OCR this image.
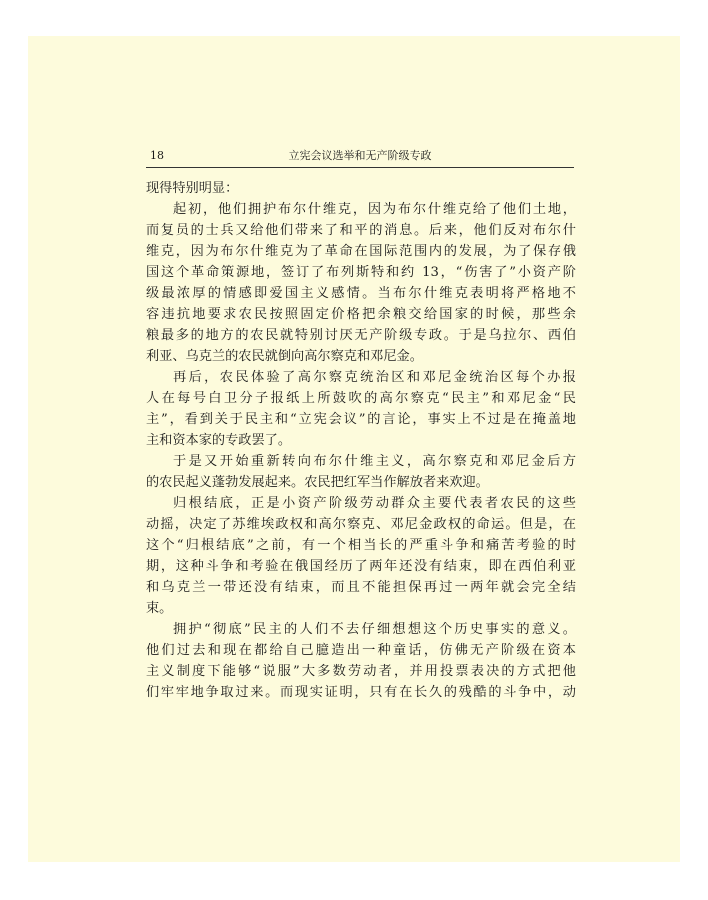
18	立宪会议选举和无产阶级专政

现得特别明显：

起初，他们拥护布尔什维克，因为布尔什维克给了他们土地，
而复员的士兵又给他们带来了和平的消息。后来，他们反对布尔什
维克，因为布尔什维克为了革命在国际范围内的发展，为了保存俄
国这个革命策源地，签订了布列斯特和约 13，“伤害了”小资产阶
级最浓厚的情感即爱国主义感情。当布尔什维克表明将严格地不
容违抗地要求农民按照固定价格把余粮交给国家的时候，那些余
粮最多的地方的农民就特别讨厌无产阶级专政。于是乌拉尔、西伯
利亚、乌克兰的农民就倒向高尔察克和邓尼金。

再后，农民体验了高尔察克统治区和邓尼金统治区每个办报
人在每号白卫分子报纸上所鼓吹的高尔察克“民主”和邓尼金“民
主”，看到关于民主和“立宪会议”的言论，事实上不过是在掩盖地
主和资本家的专政罢了。

于是又开始重新转向布尔什维主义，高尔察克和邓尼金后方
的农民起义蓬勃发展起来。农民把红军当作解放者来欢迎。

归根结底，正是小资产阶级劳动群众主要代表者农民的这些
动摇，决定了苏维埃政权和高尔察克、邓尼金政权的命运。但是，在
这个“归根结底”之前，有一个相当长的严重斗争和痛苦考验的时
期，这种斗争和考验在俄国经历了两年还没有结束，即在西伯利亚
和乌克兰一带还没有结束，而且不能担保再过一两年就会完全结
束。

拥护“彻底”民主的人们不去仔细想想这个历史事实的意义。
他们过去和现在都给自己臆造出一种童话，仿佛无产阶级在资本
主义制度下能够“说服”大多数劳动者，并用投票表决的方式把他
们牢牢地争取过来。而现实证明，只有在长久的残酷的斗争中，动
